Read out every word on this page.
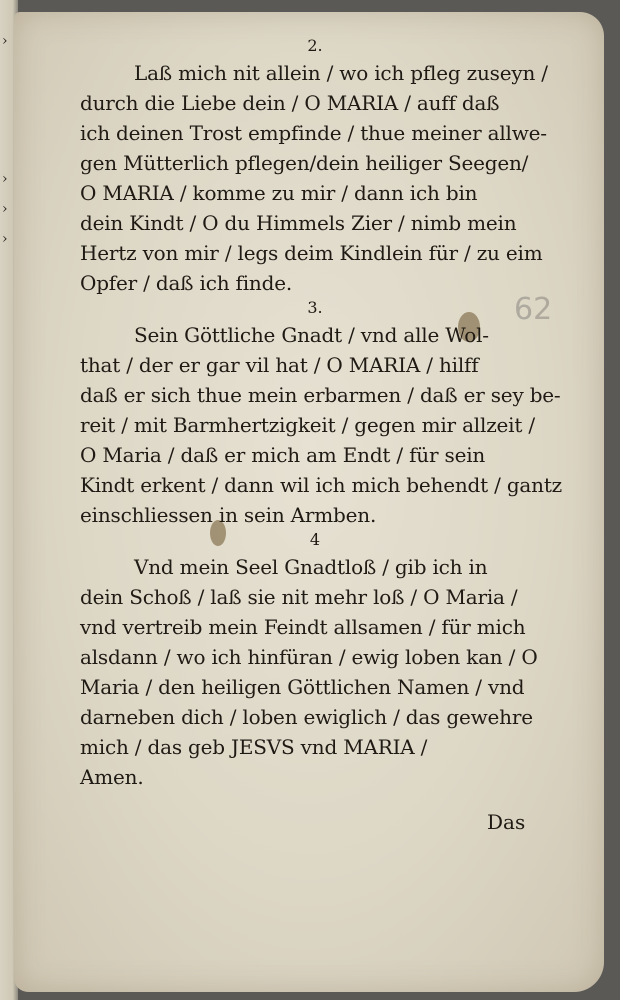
›
›
›
›
62
2.
Laß mich nit allein / wo ich pfleg zuseyn /
durch die Liebe dein / O MARIA / auff daß
ich deinen Trost empfinde / thue meiner allwe-
gen Mütterlich pflegen/dein heiliger Seegen/
O MARIA / komme zu mir / dann ich bin
dein Kindt / O du Himmels Zier / nimb mein
Hertz von mir / legs deim Kindlein für / zu eim
Opfer / daß ich finde.
3.
Sein Göttliche Gnadt / vnd alle Wol-
that / der er gar vil hat / O MARIA / hilff
daß er sich thue mein erbarmen / daß er sey be-
reit / mit Barmhertzigkeit / gegen mir allzeit /
O Maria / daß er mich am Endt / für sein
Kindt erkent / dann wil ich mich behendt / gantz
einschliessen in sein Armben.
4
Vnd mein Seel Gnadtloß / gib ich in
dein Schoß / laß sie nit mehr loß / O Maria /
vnd vertreib mein Feindt allsamen / für mich
alsdann / wo ich hinfüran / ewig loben kan / O
Maria / den heiligen Göttlichen Namen / vnd
darneben dich / loben ewiglich / das gewehre
mich / das geb JESVS vnd MARIA /
Amen.
Das
